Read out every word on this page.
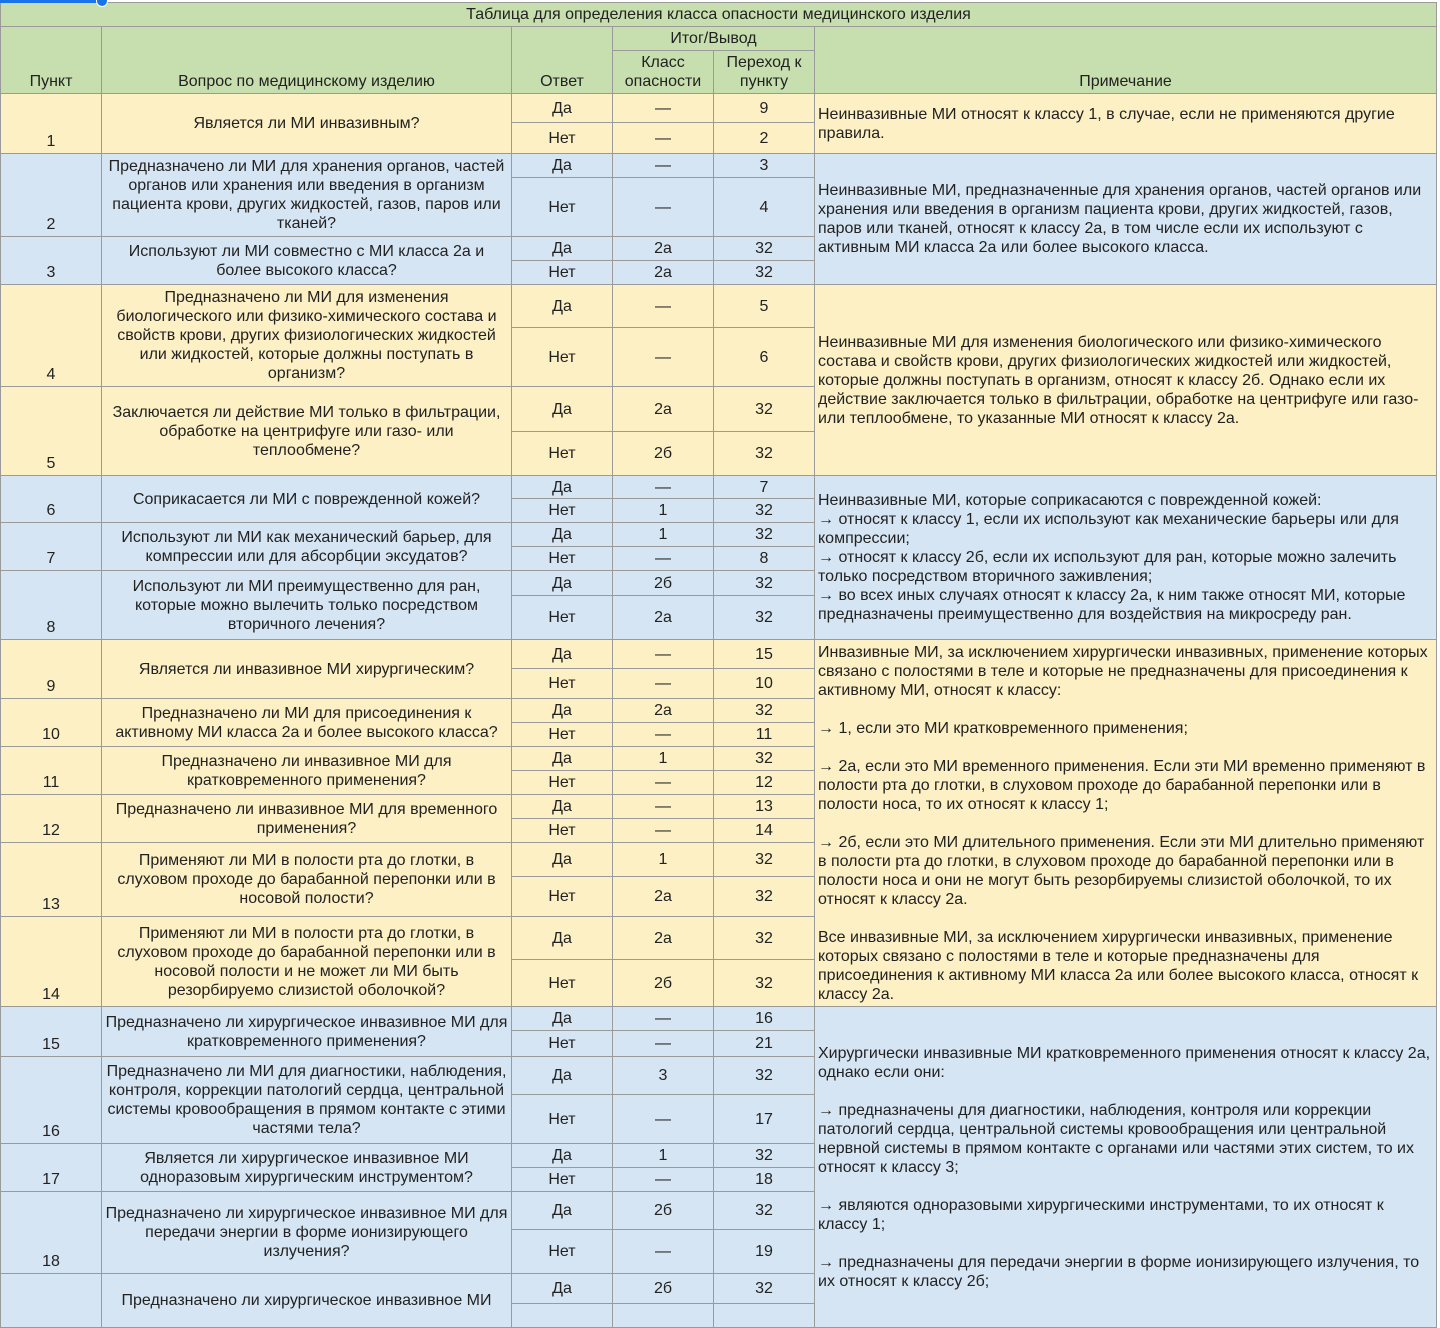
Таблица для определения класса опасности медицинского изделия						
Пункт	Вопрос по медицинскому изделию	Ответ	Итог/Вывод		Примечание	
			Класс опасности	Переход к пункту		
1	Является ли МИ инвазивным?	Да	—	9	Неинвазивные МИ относят к классу 1, в случае, если не применяются другие правила.	
		Нет	—	2		
2	Предназначено ли МИ для хранения органов, частей органов или хранения или введения в организм пациента крови, других жидкостей, газов, паров или тканей?	Да	—	3	Неинвазивные МИ, предназначенные для хранения органов, частей органов или хранения или введения в организм пациента крови, других жидкостей, газов, паров или тканей, относят к классу 2а, в том числе если их используют с активным МИ класса 2а или более высокого класса.	
		Нет	—	4		
3	Используют ли МИ совместно с МИ класса 2а и более высокого класса?	Да	2а	32		
		Нет	2а	32		
4	Предназначено ли МИ для изменения биологического или физико-химического состава и свойств крови, других физиологических жидкостей или жидкостей, которые должны поступать в организм?	Да	—	5	Неинвазивные МИ для изменения биологического или физико-химического состава и свойств крови, других физиологических жидкостей или жидкостей, которые должны поступать в организм, относят к классу 2б. Однако если их действие заключается только в фильтрации, обработке на центрифуге или газо- или теплообмене, то указанные МИ относят к классу 2а.	
		Нет	—	6		
5	Заключается ли действие МИ только в фильтрации, обработке на центрифуге или газо- или теплообмене?	Да	2а	32		
		Нет	2б	32		
6	Соприкасается ли МИ с поврежденной кожей?	Да	—	7	Неинвазивные МИ, которые соприкасаются с поврежденной кожей:
→ относят к классу 1, если их используют как механические барьеры или для компрессии;
→ относят к классу 2б, если их используют для ран, которые можно залечить только посредством вторичного заживления;
→ во всех иных случаях относят к классу 2а, к ним также относят МИ, которые предназначены преимущественно для воздействия на микросреду ран.	

		Нет	1	32		
7	Используют ли МИ как механический барьер, для компрессии или для абсорбции эксудатов?	Да	1	32		
		Нет	—	8		
8	Используют ли МИ преимущественно для ран, которые можно вылечить только посредством вторичного лечения?	Да	2б	32		
		Нет	2а	32		
9	Является ли инвазивное МИ хирургическим?	Да	—	15	Инвазивные МИ, за исключением хирургически инвазивных, применение которых связано с полостями в теле и которые не предназначены для присоединения к активному МИ, относят к классу:
→ 1, если это МИ кратковременного применения;
→ 2а, если это МИ временного применения. Если эти МИ временно применяют в полости рта до глотки, в слуховом проходе до барабанной перепонки или в полости носа, то их относят к классу 1;
→ 2б, если это МИ длительного применения. Если эти МИ длительно применяют в полости рта до глотки, в слуховом проходе до барабанной перепонки или в полости носа и они не могут быть резорбируемы слизистой оболочкой, то их относят к классу 2а.
Все инвазивные МИ, за исключением хирургически инвазивных, применение которых связано с полостями в теле и которые предназначены для присоединения к активному МИ класса 2а или более высокого класса, относят к классу 2а.	

		Нет	—	10		
10	Предназначено ли МИ для присоединения к активному МИ класса 2а и более высокого класса?	Да	2а	32		
		Нет	—	11		
11	Предназначено ли инвазивное МИ для кратковременного применения?	Да	1	32		
		Нет	—	12		
12	Предназначено ли инвазивное МИ для временного применения?	Да	—	13		
		Нет	—	14		
13	Применяют ли МИ в полости рта до глотки, в слуховом проходе до барабанной перепонки или в носовой полости?	Да	1	32		
		Нет	2а	32		
14	Применяют ли МИ в полости рта до глотки, в слуховом проходе до барабанной перепонки или в носовой полости и не может ли МИ быть резорбируемо слизистой оболочкой?	Да	2а	32		
		Нет	2б	32		
15	Предназначено ли хирургическое инвазивное МИ для кратковременного применения?	Да	—	16	Хирургически инвазивные МИ кратковременного применения относят к классу 2а, однако если они:
→ предназначены для диагностики, наблюдения, контроля или коррекции патологий сердца, центральной системы кровообращения или центральной нервной системы в прямом контакте с органами или частями этих систем, то их относят к классу 3;
→ являются одноразовыми хирургическими инструментами, то их относят к классу 1;
→ предназначены для передачи энергии в форме ионизирующего излучения, то их относят к классу 2б;	

		Нет	—	21		
16	Предназначено ли МИ для диагностики, наблюдения, контроля, коррекции патологий сердца, центральной системы кровообращения в прямом контакте с этими частями тела?	Да	3	32		
		Нет	—	17		
17	Является ли хирургическое инвазивное МИ одноразовым хирургическим инструментом?	Да	1	32		
		Нет	—	18		
18	Предназначено ли хирургическое инвазивное МИ для передачи энергии в форме ионизирующего излучения?	Да	2б	32		
		Нет	—	19		
	Предназначено ли хирургическое инвазивное МИ	Да	2б	32		
